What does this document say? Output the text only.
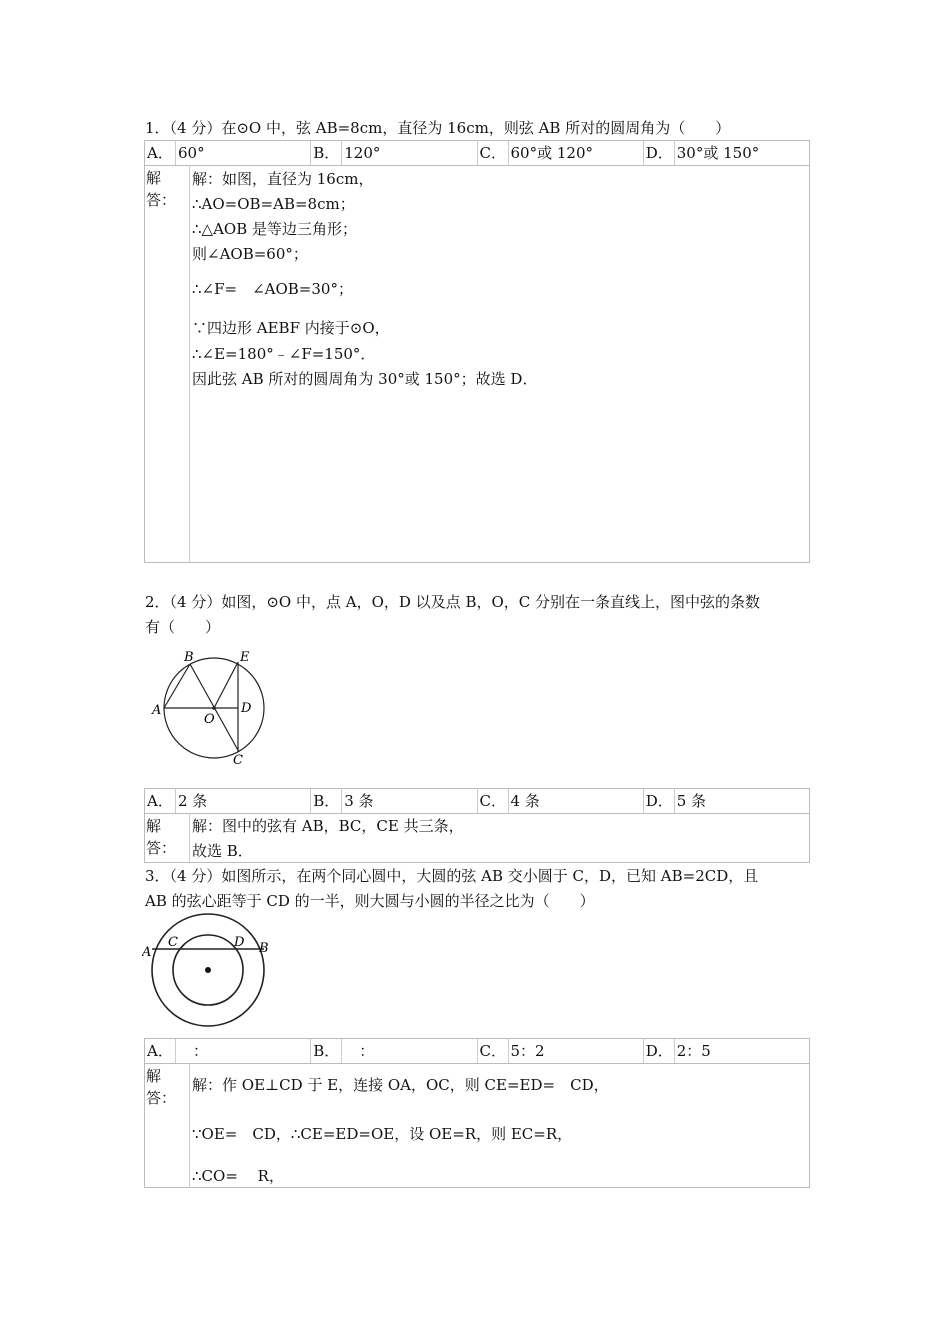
1．（4 分）在⊙O 中，弦 AB=8cm，直径为 16cm，则弦 AB 所对的圆周角为（　　）
A． 60°	B． 120°	C． 60°或 120°	D． 30°或 150°
解答：
解：如图，直径为 16cm，
∴AO=OB=AB=8cm；
∴△AOB 是等边三角形；
则∠AOB=60°；
∴∠F=　∠AOB=30°；
∵四边形 AEBF 内接于⊙O，
∴∠E=180°﹣∠F=150°．
因此弦 AB 所对的圆周角为 30°或 150°；故选 D．
2．（4 分）如图，⊙O 中，点 A，O，D 以及点 B，O，C 分别在一条直线上，图中弦的条数
有（　　）
B	E
A
O
D
C
A． 2 条	B． 3 条	C． 4 条	D． 5 条
解答：
解：图中的弦有 AB，BC，CE 共三条，
故选 B．
3．（4 分）如图所示，在两个同心圆中，大圆的弦 AB 交小圆于 C，D，已知 AB=2CD，且
AB 的弦心距等于 CD 的一半，则大圆与小圆的半径之比为（　　）
A
C	D B
A． 　：	B． 　：	C． 5：2	D． 2：5
解答：
解：作 OE⊥CD 于 E，连接 OA，OC，则 CE=ED=　CD，
∵OE=　CD，∴CE=ED=OE，设 OE=R，则 EC=R，
∴CO=　 R，
